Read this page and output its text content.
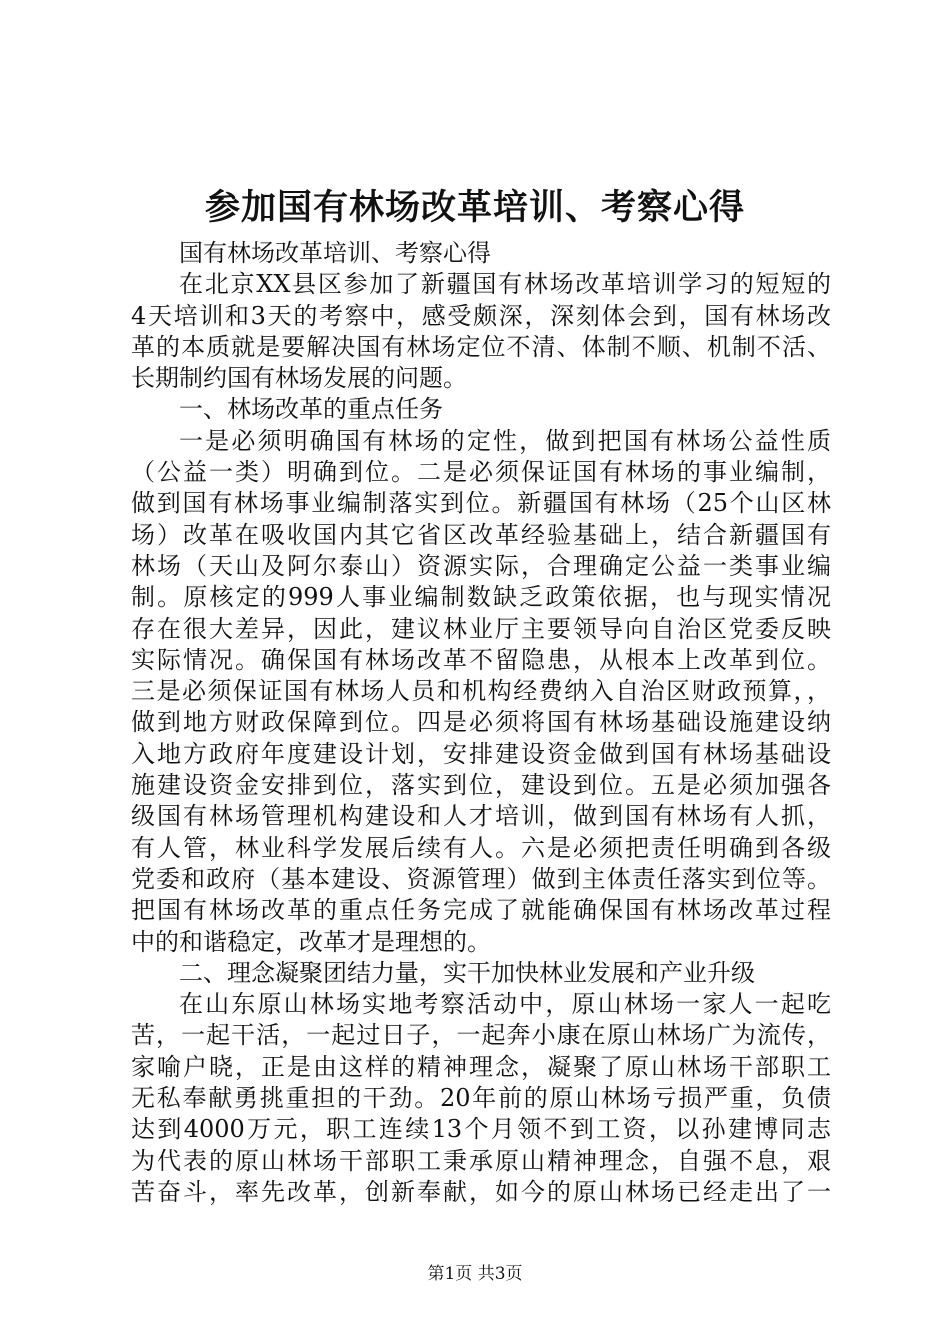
参加国有林场改革培训、考察心得
国有林场改革培训、考察心得
在北京XX县区参加了新疆国有林场改革培训学习的短短的
4天培训和3天的考察中，感受颇深，深刻体会到，国有林场改
革的本质就是要解决国有林场定位不清、体制不顺、机制不活、
长期制约国有林场发展的问题。
一、林场改革的重点任务
一是必须明确国有林场的定性，做到把国有林场公益性质
（公益一类）明确到位。二是必须保证国有林场的事业编制，
做到国有林场事业编制落实到位。新疆国有林场（25个山区林
场）改革在吸收国内其它省区改革经验基础上，结合新疆国有
林场（天山及阿尔泰山）资源实际，合理确定公益一类事业编
制。原核定的999人事业编制数缺乏政策依据，也与现实情况
存在很大差异，因此，建议林业厅主要领导向自治区党委反映
实际情况。确保国有林场改革不留隐患，从根本上改革到位。
三是必须保证国有林场人员和机构经费纳入自治区财政预算，，
做到地方财政保障到位。四是必须将国有林场基础设施建设纳
入地方政府年度建设计划，安排建设资金做到国有林场基础设
施建设资金安排到位，落实到位，建设到位。五是必须加强各
级国有林场管理机构建设和人才培训，做到国有林场有人抓，
有人管，林业科学发展后续有人。六是必须把责任明确到各级
党委和政府（基本建设、资源管理）做到主体责任落实到位等。
把国有林场改革的重点任务完成了就能确保国有林场改革过程
中的和谐稳定，改革才是理想的。
二、理念凝聚团结力量，实干加快林业发展和产业升级
在山东原山林场实地考察活动中，原山林场一家人一起吃
苦，一起干活，一起过日子，一起奔小康在原山林场广为流传，
家喻户晓，正是由这样的精神理念，凝聚了原山林场干部职工
无私奉献勇挑重担的干劲。20年前的原山林场亏损严重，负债
达到4000万元，职工连续13个月领不到工资，以孙建博同志
为代表的原山林场干部职工秉承原山精神理念，自强不息，艰
苦奋斗，率先改革，创新奉献，如今的原山林场已经走出了一
第1页 共3页
